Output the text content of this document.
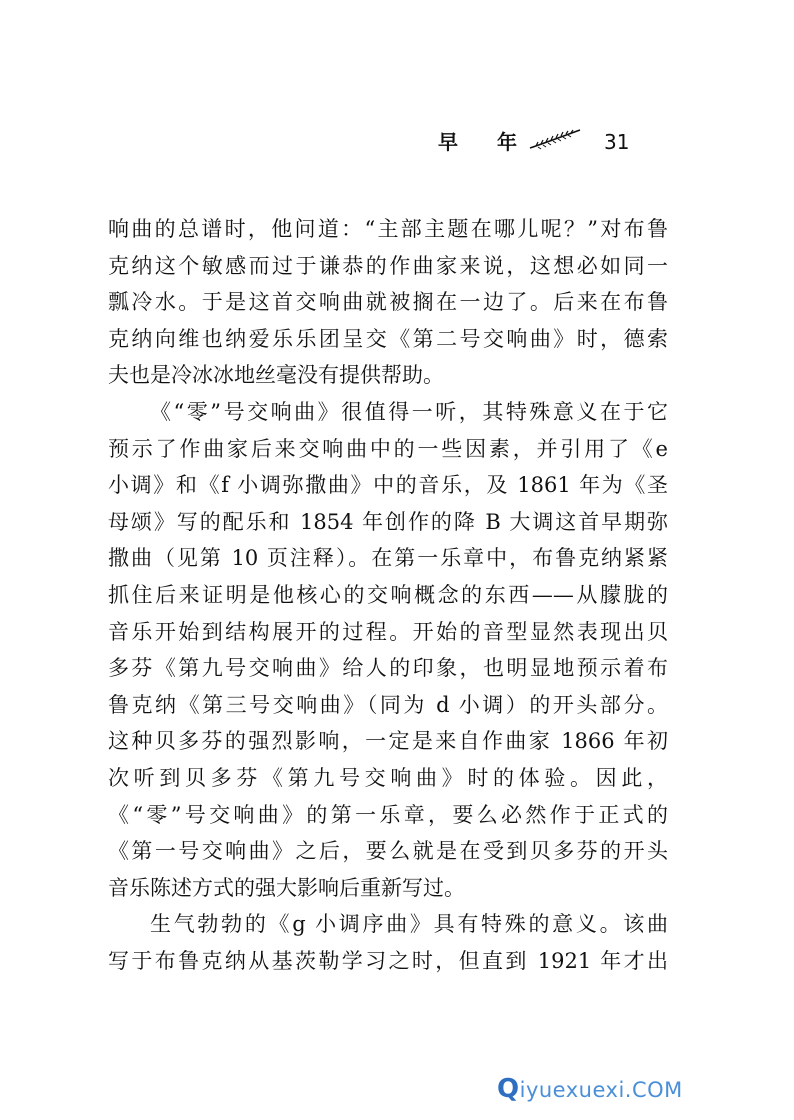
早 年	31
响曲的总谱时，他问道：“主部主题在哪儿呢？”对布鲁
克纳这个敏感而过于谦恭的作曲家来说，这想必如同一
瓢冷水。于是这首交响曲就被搁在一边了。后来在布鲁
克纳向维也纳爱乐乐团呈交《第二号交响曲》时，德索
夫也是冷冰冰地丝毫没有提供帮助。
《“零”号交响曲》很值得一听，其特殊意义在于它
预示了作曲家后来交响曲中的一些因素，并引用了《e
小调》和《f 小调弥撒曲》中的音乐，及 1861 年为《圣
母颂》写的配乐和 1854 年创作的降 B 大调这首早期弥
撒曲（见第 10 页注释）。在第一乐章中，布鲁克纳紧紧
抓住后来证明是他核心的交响概念的东西——从朦胧的
音乐开始到结构展开的过程。开始的音型显然表现出贝
多芬《第九号交响曲》给人的印象，也明显地预示着布
鲁克纳《第三号交响曲》（同为 d 小调）的开头部分。
这种贝多芬的强烈影响，一定是来自作曲家 1866 年初
次听到贝多芬《第九号交响曲》时的体验。因此，
《“零”号交响曲》的第一乐章，要么必然作于正式的
《第一号交响曲》之后，要么就是在受到贝多芬的开头
音乐陈述方式的强大影响后重新写过。
生气勃勃的《g 小调序曲》具有特殊的意义。该曲
写于布鲁克纳从基茨勒学习之时，但直到 1921 年才出
Qiyuexuexi.COM
